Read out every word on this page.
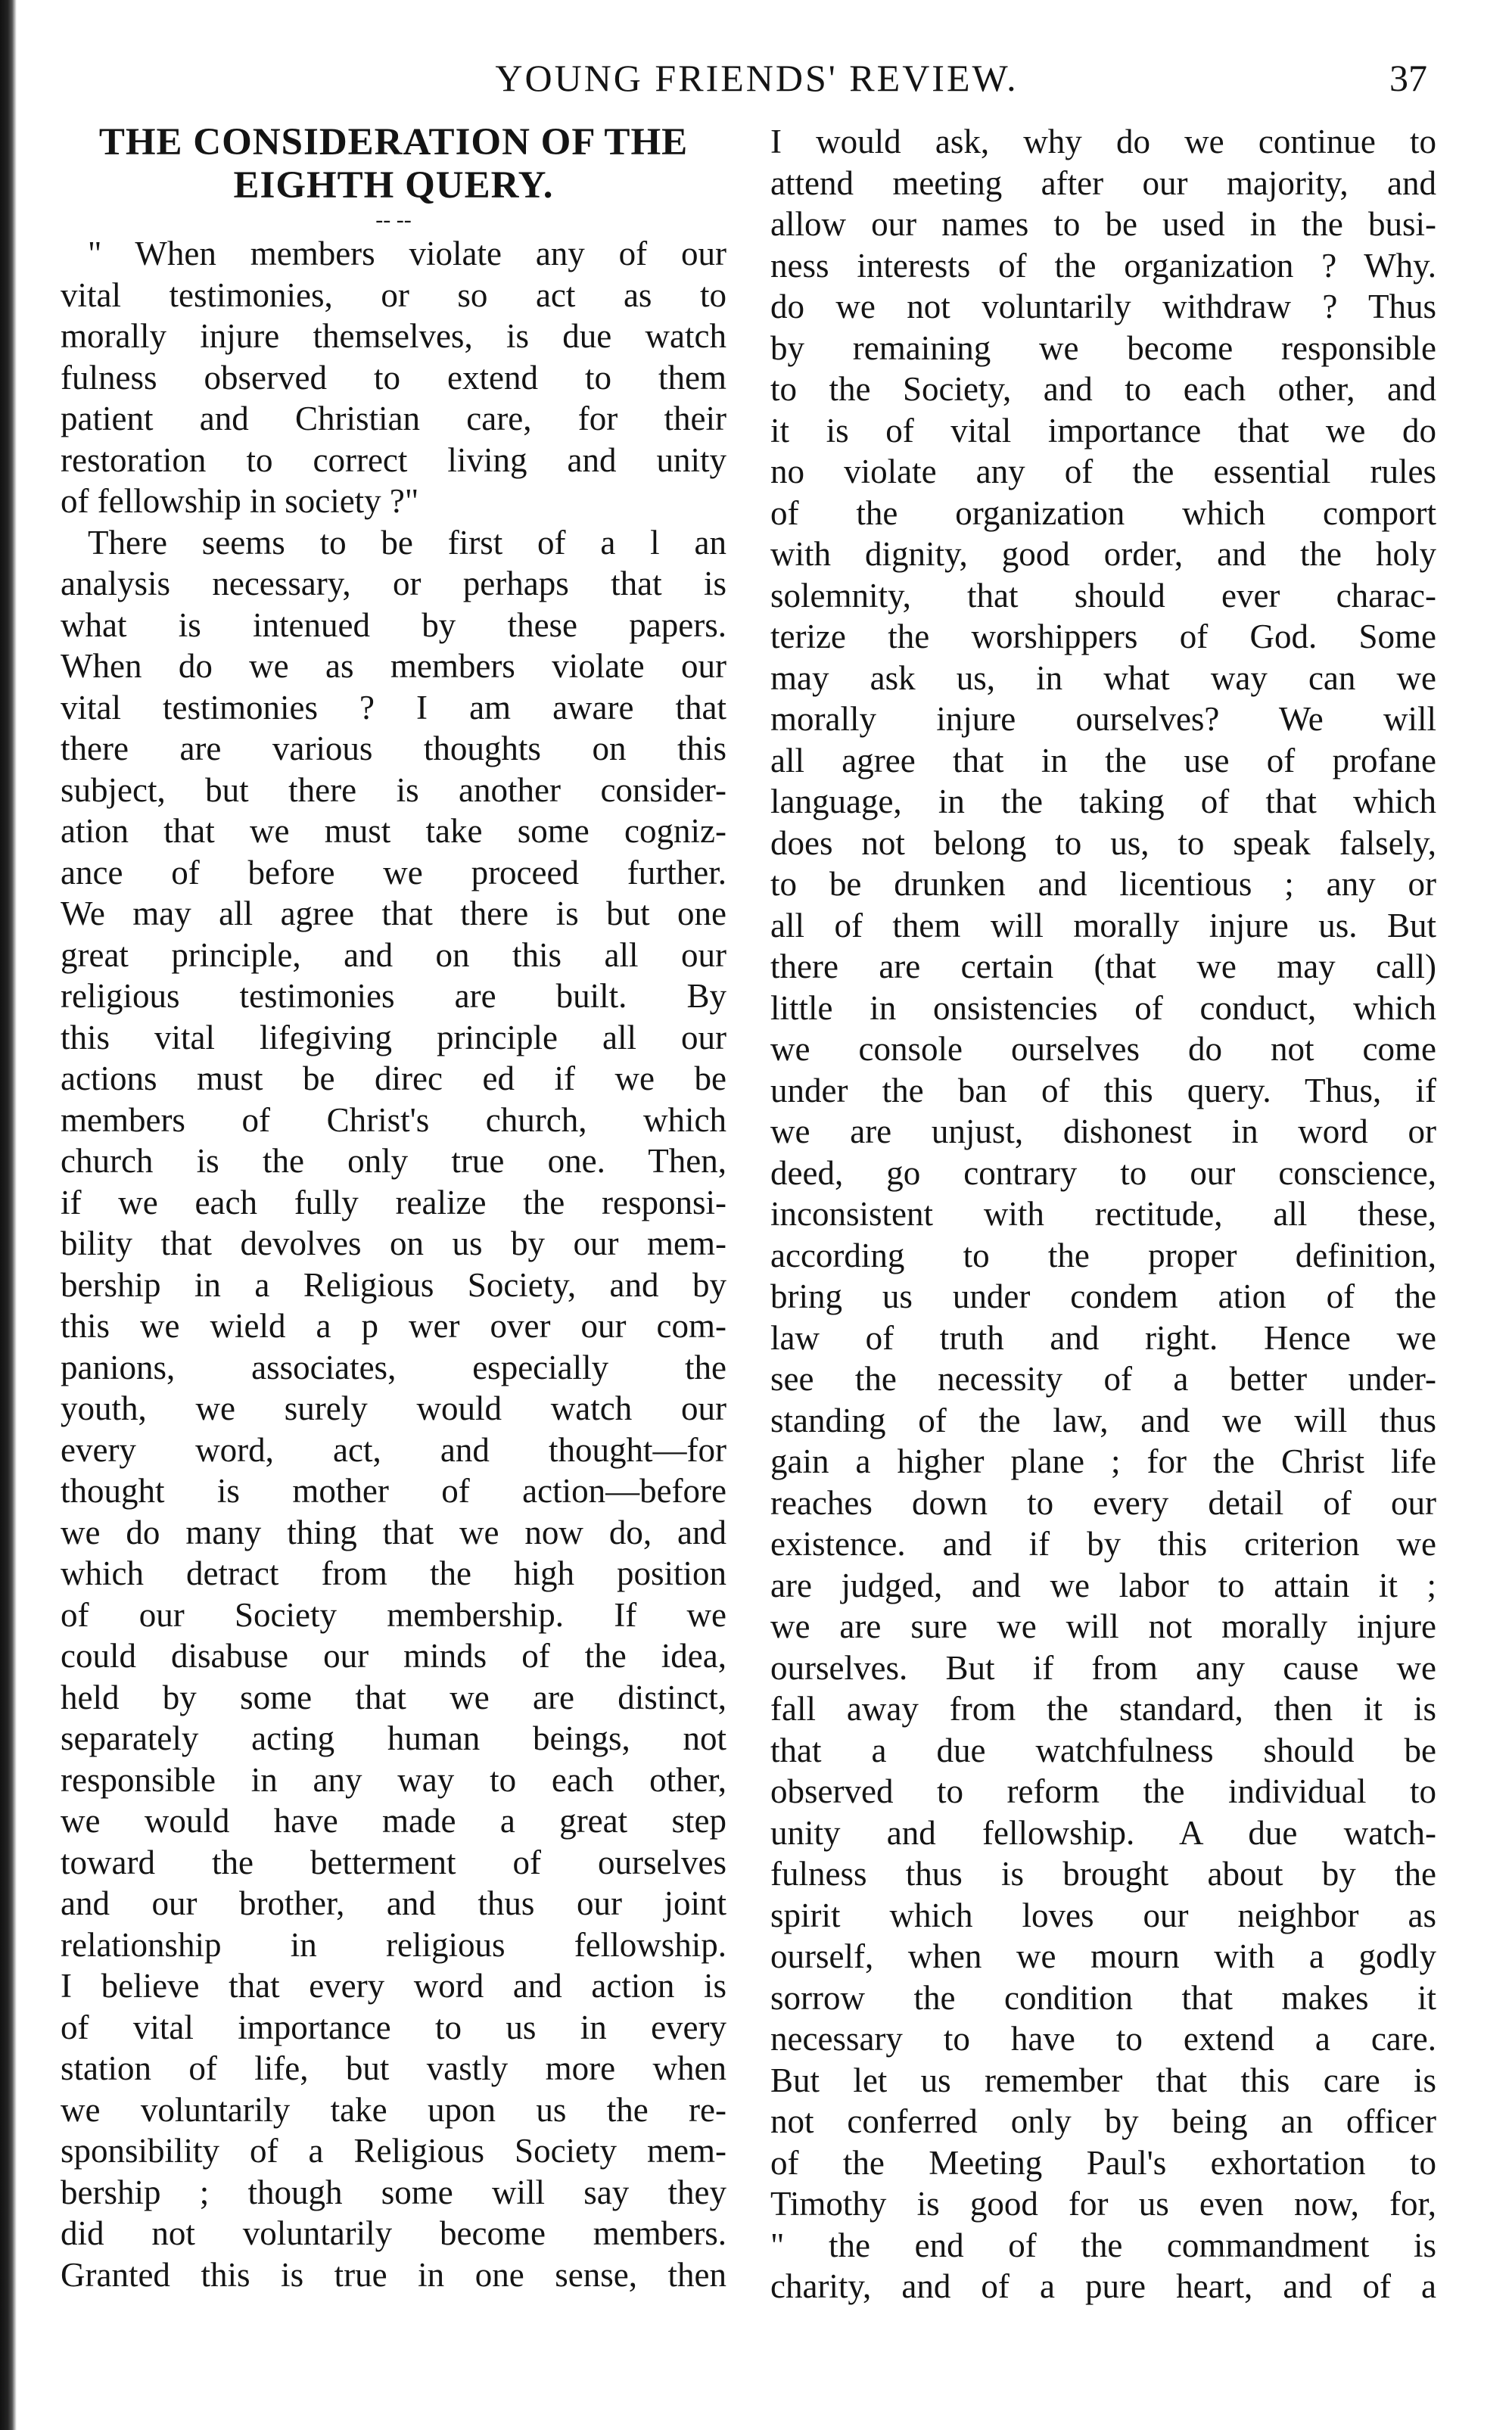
YOUNG FRIENDS' REVIEW.	37
THE CONSIDERATION OF THE
EIGHTH QUERY.
-- --
" When members violate any of our
vital testimonies, or so act as to
morally injure themselves, is due watch
fulness observed to extend to them
patient and Christian care, for their
restoration to correct living and unity
of fellowship in society ?"
There seems to be first of a l an
analysis necessary, or perhaps that is
what is intenued by these papers.
When do we as members violate our
vital testimonies ? I am aware that
there are various thoughts on this
subject, but there is another consider-
ation that we must take some cogniz-
ance of before we proceed further.
We may all agree that there is but one
great principle, and on this all our
religious testimonies are built. By
this vital lifegiving principle all our
actions must be direc ed if we be
members of Christ's church, which
church is the only true one. Then,
if we each fully realize the responsi-
bility that devolves on us by our mem-
bership in a Religious Society, and by
this we wield a p wer over our com-
panions, associates, especially the
youth, we surely would watch our
every word, act, and thought—for
thought is mother of action—before
we do many thing that we now do, and
which detract from the high position
of our Society membership. If we
could disabuse our minds of the idea,
held by some that we are distinct,
separately acting human beings, not
responsible in any way to each other,
we would have made a great step
toward the betterment of ourselves
and our brother, and thus our joint
relationship in religious fellowship.
I believe that every word and action is
of vital importance to us in every
station of life, but vastly more when
we voluntarily take upon us the re-
sponsibility of a Religious Society mem-
bership ; though some will say they
did not voluntarily become members.
Granted this is true in one sense, then
I would ask, why do we continue to
attend meeting after our majority, and
allow our names to be used in the busi-
ness interests of the organization ? Why.
do we not voluntarily withdraw ? Thus
by remaining we become responsible
to the Society, and to each other, and
it is of vital importance that we do
no violate any of the essential rules
of the organization which comport
with dignity, good order, and the holy
solemnity, that should ever charac-
terize the worshippers of God. Some
may ask us, in what way can we
morally injure ourselves? We will
all agree that in the use of profane
language, in the taking of that which
does not belong to us, to speak falsely,
to be drunken and licentious ; any or
all of them will morally injure us. But
there are certain (that we may call)
little in onsistencies of conduct, which
we console ourselves do not come
under the ban of this query. Thus, if
we are unjust, dishonest in word or
deed, go contrary to our conscience,
inconsistent with rectitude, all these,
according to the proper definition,
bring us under condem ation of the
law of truth and right. Hence we
see the necessity of a better under-
standing of the law, and we will thus
gain a higher plane ; for the Christ life
reaches down to every detail of our
existence. and if by this criterion we
are judged, and we labor to attain it ;
we are sure we will not morally injure
ourselves. But if from any cause we
fall away from the standard, then it is
that a due watchfulness should be
observed to reform the individual to
unity and fellowship. A due watch-
fulness thus is brought about by the
spirit which loves our neighbor as
ourself, when we mourn with a godly
sorrow the condition that makes it
necessary to have to extend a care.
But let us remember that this care is
not conferred only by being an officer
of the Meeting Paul's exhortation to
Timothy is good for us even now, for,
" the end of the commandment is
charity, and of a pure heart, and of a
